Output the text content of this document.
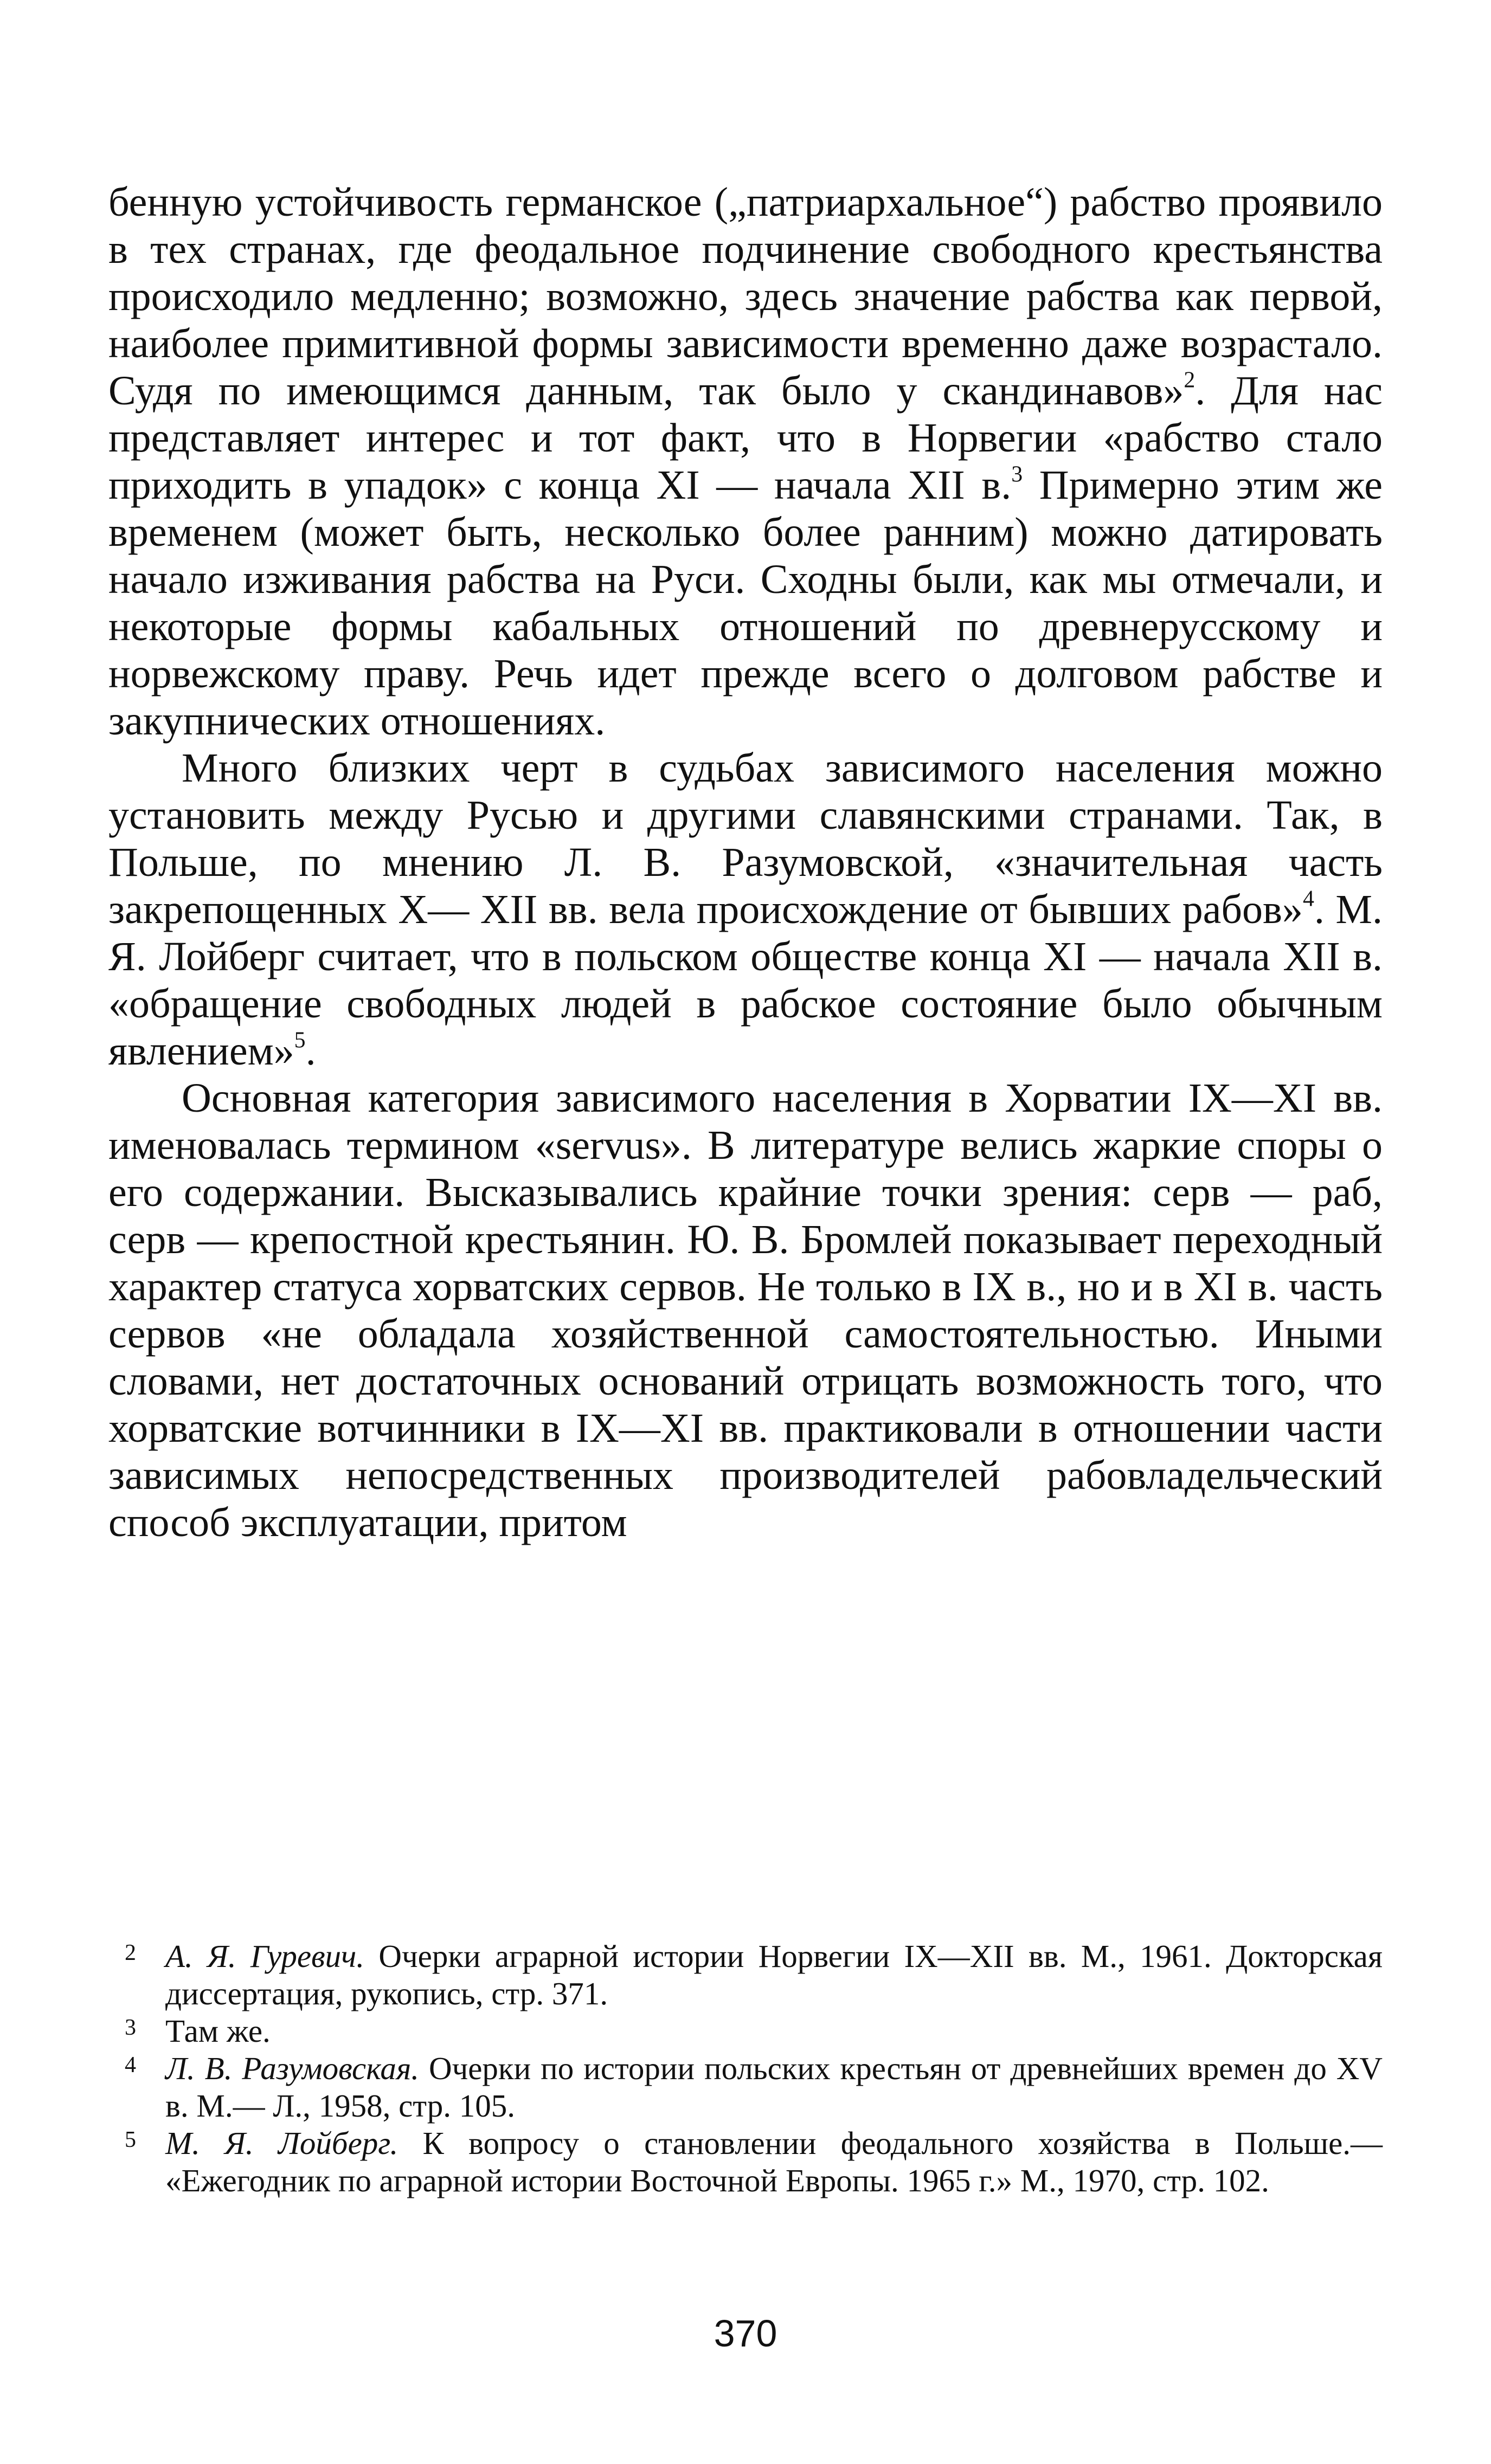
бенную устойчивость германское („патриархальное“) рабство проявило в тех странах, где феодальное подчинение свободного крестьянства происходило медленно; возможно, здесь значение рабства как первой, наиболее примитивной формы зависимости временно даже возрастало. Судя по имеющимся данным, так было у скандинавов»$^2$. Для нас представляет интерес и тот факт, что в Норвегии «рабство стало приходить в упадок» с конца XI — начала XII в.$^3$ Примерно этим же временем (может быть, несколько более ранним) можно датировать начало изживания рабства на Руси. Сходны были, как мы отмечали, и некоторые формы кабальных отношений по древнерусскому и норвежскому праву. Речь идет прежде всего о долговом рабстве и закупнических отношениях.

Много близких черт в судьбах зависимого населения можно установить между Русью и другими славянскими странами. Так, в Польше, по мнению Л. В. Разумовской, «значительная часть закрепощенных X— XII вв. вела происхождение от бывших рабов»$^4$. М. Я. Лойберг считает, что в польском обществе конца XI — начала XII в. «обращение свободных людей в рабское состояние было обычным явлением»$^5$.

Основная категория зависимого населения в Хорватии IX—XI вв. именовалась термином «servus». В литературе велись жаркие споры о его содержании. Высказывались крайние точки зрения: серв — раб, серв — крепостной крестьянин. Ю. В. Бромлей показывает переходный характер статуса хорватских сервов. Не только в IX в., но и в XI в. часть сервов «не обладала хозяйственной самостоятельностью. Иными словами, нет достаточных оснований отрицать возможность того, что хорватские вотчинники в IX—XI вв. практиковали в отношении части зависимых непосредственных производителей рабовладельческий способ эксплуатации, притом

2 А. Я. Гуревич. Очерки аграрной истории Норвегии IX—XII вв. М., 1961. Докторская диссертация, рукопись, стр. 371.

3 Там же.

4 Л. В. Разумовская. Очерки по истории польских крестьян от древнейших времен до XV в. М.— Л., 1958, стр. 105.

5 М. Я. Лойберг. К вопросу о становлении феодального хозяйства в Польше.— «Ежегодник по аграрной истории Восточной Европы. 1965 г.» М., 1970, стр. 102.

370
